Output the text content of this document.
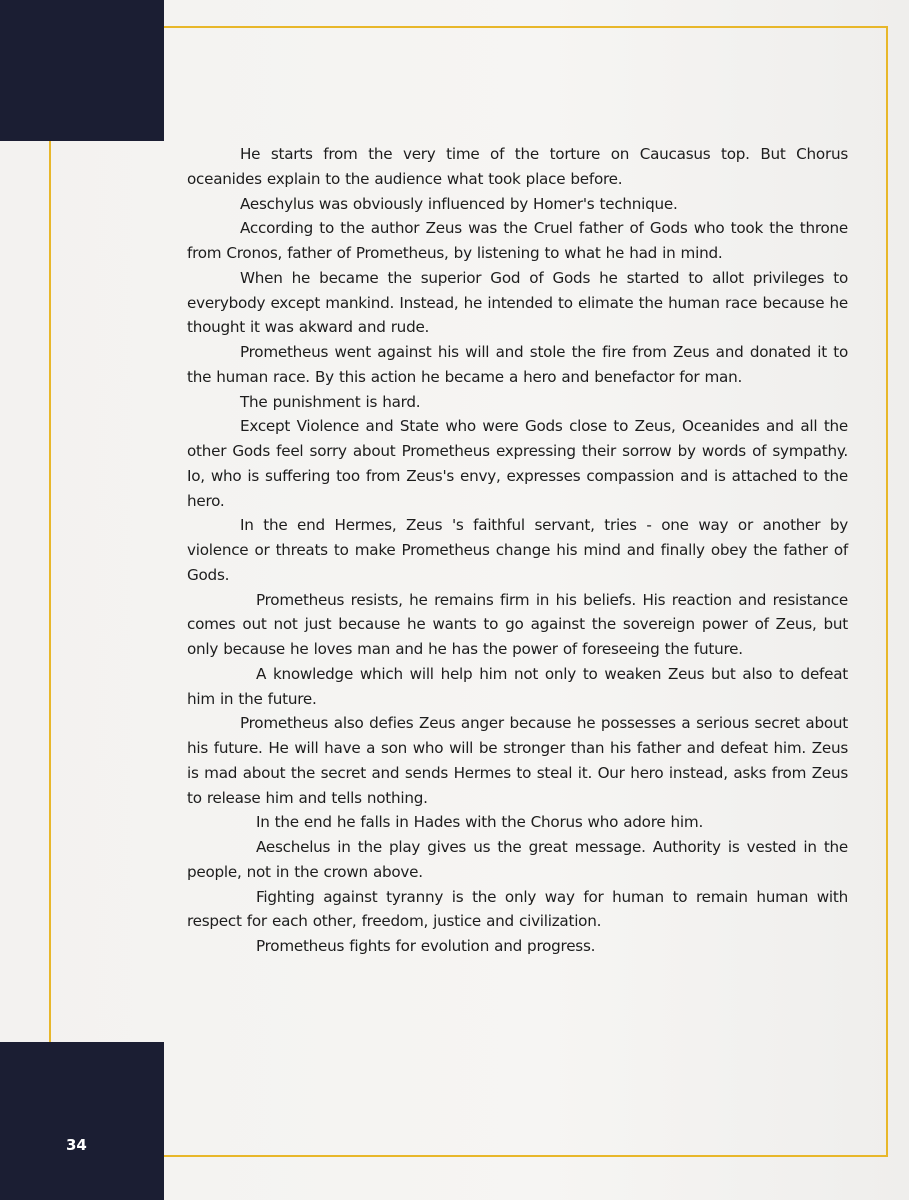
34

He starts from the very time of the torture on Caucasus top. But Chorus oceanides explain to the audience what took place before.

Aeschylus was obviously influenced by Homer's technique.

According to the author Zeus was the Cruel father of Gods who took the throne from Cronos, father of Prometheus, by listening to what he had in mind.

When he became the superior God of Gods he started to allot privileges to everybody except mankind. Instead, he intended to elimate the human race because he thought it was akward and rude.

Prometheus went against his will and stole the fire from Zeus and donated it to the human race. By this action he became a hero and benefactor for man.

The punishment is hard.

Except Violence and State who were Gods close to Zeus, Oceanides and all the other Gods feel sorry about Prometheus expressing their sorrow by words of sympathy. Io, who is suffering too from Zeus's envy, expresses compassion and is attached to the hero.

In the end Hermes, Zeus 's faithful servant, tries - one way or another by violence or threats to make Prometheus change his mind and finally obey the father of Gods.

Prometheus resists, he remains firm in his beliefs. His reaction and resistance comes out not just because he wants to go against the sovereign power of Zeus, but only because he loves man and he has the power of foreseeing the future.

A knowledge which will help him not only to weaken Zeus but also to defeat him in the future.

Prometheus also defies Zeus anger because he possesses a serious secret about his future. He will have a son who will be stronger than his father and defeat him. Zeus is mad about the secret and sends Hermes to steal it. Our hero instead, asks from Zeus to release him and tells nothing.

In the end he falls in Hades with the Chorus who adore him.

Aeschelus in the play gives us the great message. Authority is vested in the people, not in the crown above.

Fighting against tyranny is the only way for human to remain human with respect for each other, freedom, justice and civilization.

Prometheus fights for evolution and progress.
